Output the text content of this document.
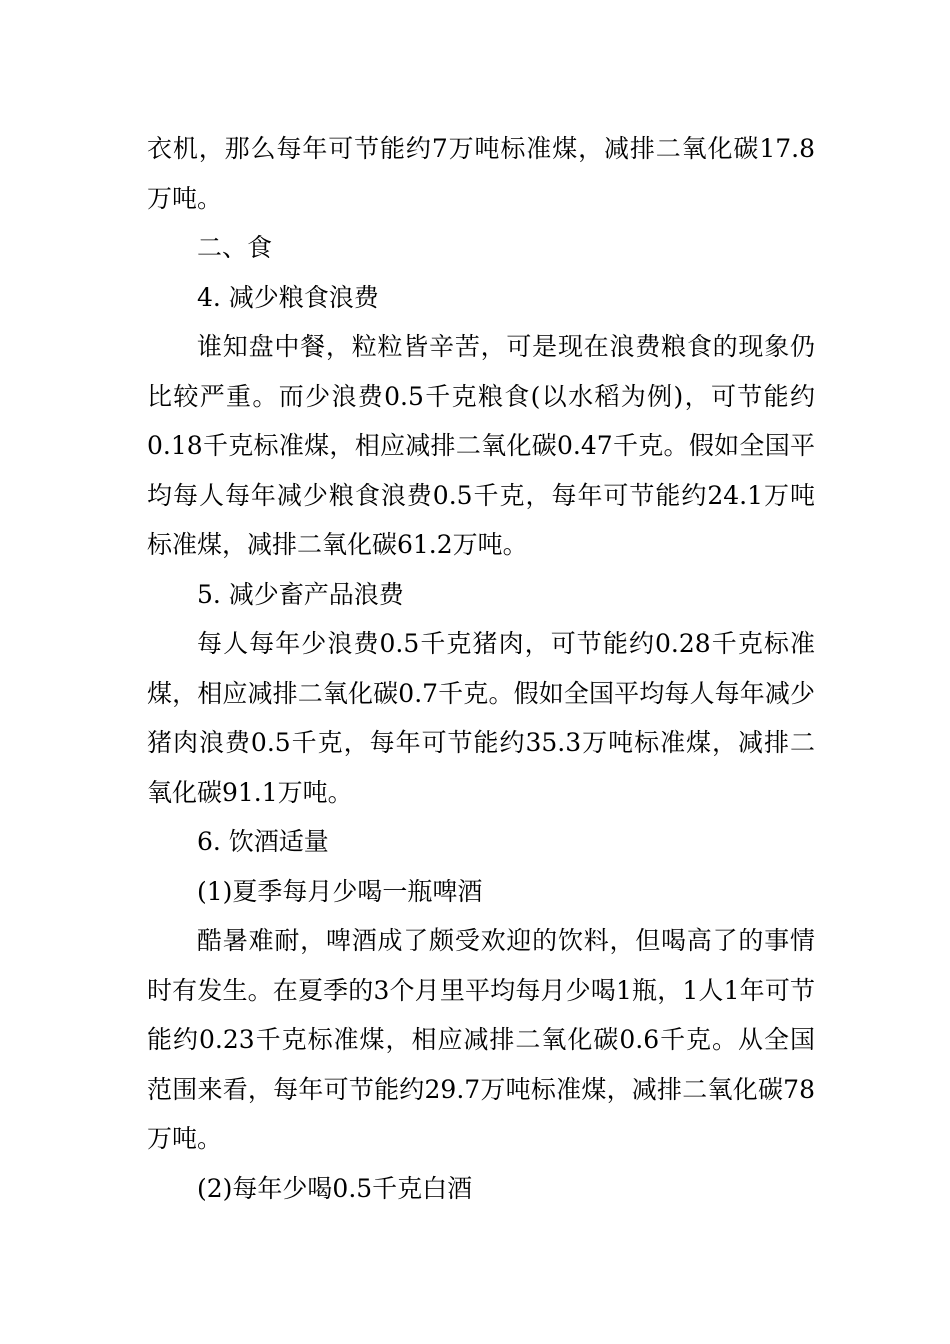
衣机，那么每年可节能约7万吨标准煤，减排二氧化碳17.8万吨。

二、食

4. 减少粮食浪费

谁知盘中餐，粒粒皆辛苦，可是现在浪费粮食的现象仍比较严重。而少浪费0.5千克粮食(以水稻为例)，可节能约0.18千克标准煤，相应减排二氧化碳0.47千克。假如全国平均每人每年减少粮食浪费0.5千克，每年可节能约24.1万吨标准煤，减排二氧化碳61.2万吨。

5. 减少畜产品浪费

每人每年少浪费0.5千克猪肉，可节能约0.28千克标准煤，相应减排二氧化碳0.7千克。假如全国平均每人每年减少猪肉浪费0.5千克，每年可节能约35.3万吨标准煤，减排二氧化碳91.1万吨。

6. 饮酒适量

(1)夏季每月少喝一瓶啤酒

酷暑难耐，啤酒成了颇受欢迎的饮料，但喝高了的事情时有发生。在夏季的3个月里平均每月少喝1瓶，1人1年可节能约0.23千克标准煤，相应减排二氧化碳0.6千克。从全国范围来看，每年可节能约29.7万吨标准煤，减排二氧化碳78万吨。

(2)每年少喝0.5千克白酒
